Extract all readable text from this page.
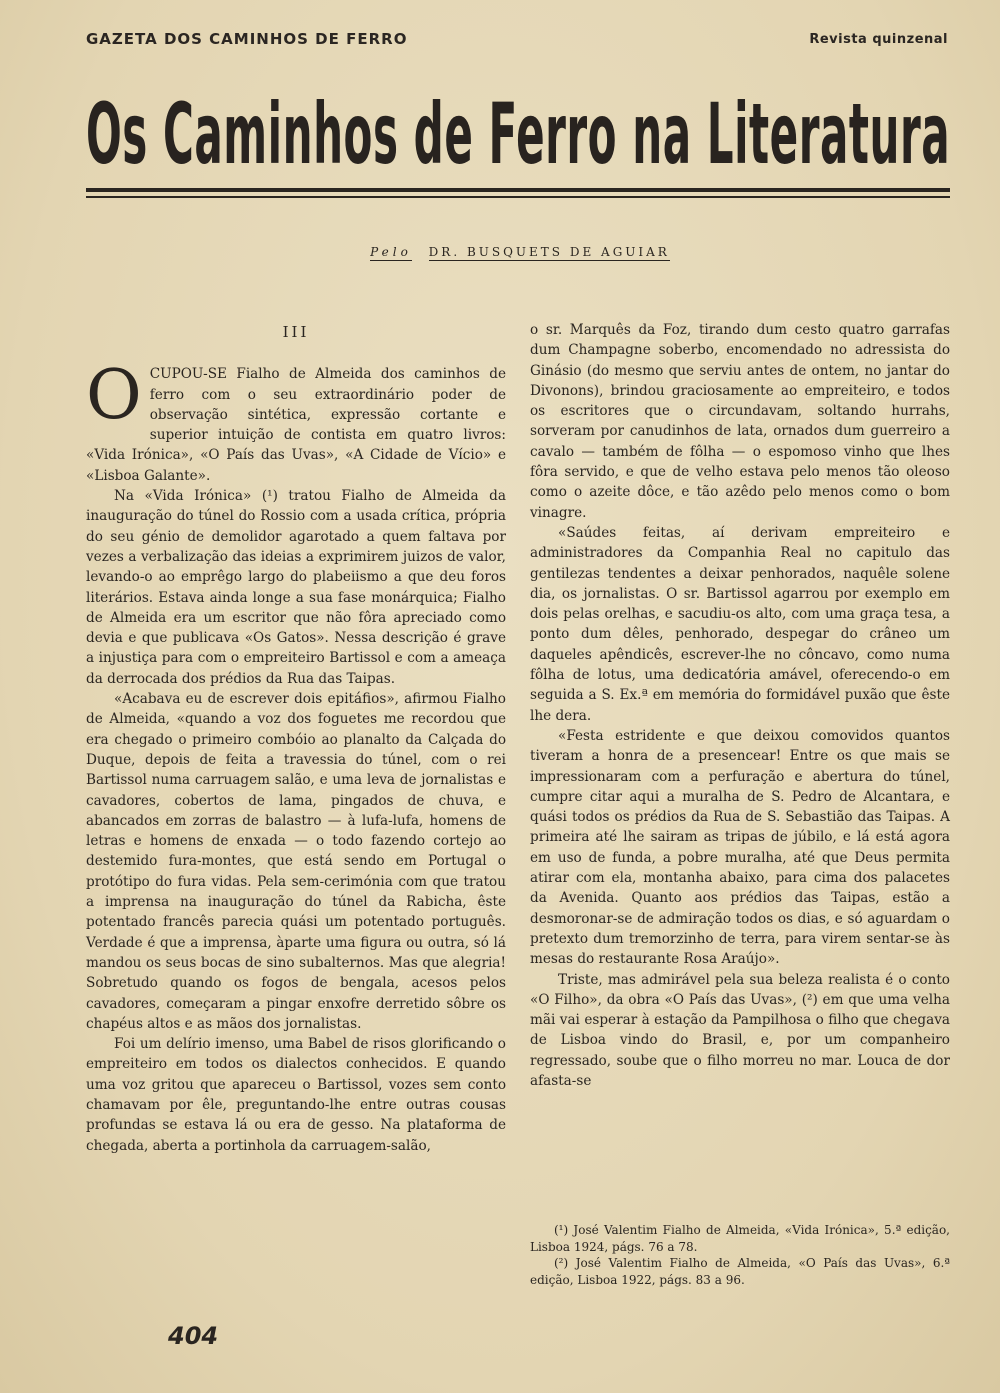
GAZETA DOS CAMINHOS DE FERRO	Revista quinzenal
Os Caminhos de Ferro na Literatura
Pelo DR. BUSQUETS DE AGUIAR
III

OCUPOU-SE Fialho de Almeida dos caminhos de ferro com o seu extraordinário poder de observação sintética, expressão cortante e superior intuição de contista em quatro livros: «Vida Irónica», «O País das Uvas», «A Cidade de Vício» e «Lisboa Galante».

Na «Vida Irónica» (¹) tratou Fialho de Almeida da inauguração do túnel do Rossio com a usada crítica, própria do seu génio de demolidor agarotado a quem faltava por vezes a verbalização das ideias a exprimirem juizos de valor, levando-o ao emprêgo largo do plabeiismo a que deu foros literários. Estava ainda longe a sua fase monárquica; Fialho de Almeida era um escritor que não fôra apreciado como devia e que publicava «Os Gatos». Nessa descrição é grave a injustiça para com o empreiteiro Bartissol e com a ameaça da derrocada dos prédios da Rua das Taipas.

«Acabava eu de escrever dois epitáfios», afirmou Fialho de Almeida, «quando a voz dos foguetes me recordou que era chegado o primeiro combóio ao planalto da Calçada do Duque, depois de feita a travessia do túnel, com o rei Bartissol numa carruagem salão, e uma leva de jornalistas e cavadores, cobertos de lama, pingados de chuva, e abancados em zorras de balastro — à lufa-lufa, homens de letras e homens de enxada — o todo fazendo cortejo ao destemido fura-montes, que está sendo em Portugal o protótipo do fura vidas. Pela sem-cerimónia com que tratou a imprensa na inauguração do túnel da Rabicha, êste potentado francês parecia quási um potentado português. Verdade é que a imprensa, àparte uma figura ou outra, só lá mandou os seus bocas de sino subalternos. Mas que alegria! Sobretudo quando os fogos de bengala, acesos pelos cavadores, começaram a pingar enxofre derretido sôbre os chapéus altos e as mãos dos jornalistas.

Foi um delírio imenso, uma Babel de risos glorificando o empreiteiro em todos os dialectos conhecidos. E quando uma voz gritou que apareceu o Bartissol, vozes sem conto chamavam por êle, preguntando-lhe entre outras cousas profundas se estava lá ou era de gesso. Na plataforma de chegada, aberta a portinhola da carruagem-salão,

o sr. Marquês da Foz, tirando dum cesto quatro garrafas dum Champagne soberbo, encomendado no adressista do Ginásio (do mesmo que serviu antes de ontem, no jantar do Divonons), brindou graciosamente ao empreiteiro, e todos os escritores que o circundavam, soltando hurrahs, sorveram por canudinhos de lata, ornados dum guerreiro a cavalo — também de fôlha — o espomoso vinho que lhes fôra servido, e que de velho estava pelo menos tão oleoso como o azeite dôce, e tão azêdo pelo menos como o bom vinagre.

«Saúdes feitas, aí derivam empreiteiro e administradores da Companhia Real no capitulo das gentilezas tendentes a deixar penhorados, naquêle solene dia, os jornalistas. O sr. Bartissol agarrou por exemplo em dois pelas orelhas, e sacudiu-os alto, com uma graça tesa, a ponto dum dêles, penhorado, despegar do crâneo um daqueles apêndicês, escrever-lhe no côncavo, como numa fôlha de lotus, uma dedicatória amável, oferecendo-o em seguida a S. Ex.ª em memória do formidável puxão que êste lhe dera.

«Festa estridente e que deixou comovidos quantos tiveram a honra de a presencear! Entre os que mais se impressionaram com a perfuração e abertura do túnel, cumpre citar aqui a muralha de S. Pedro de Alcantara, e quási todos os prédios da Rua de S. Sebastião das Taipas. A primeira até lhe sairam as tripas de júbilo, e lá está agora em uso de funda, a pobre muralha, até que Deus permita atirar com ela, montanha abaixo, para cima dos palacetes da Avenida. Quanto aos prédios das Taipas, estão a desmoronar-se de admiração todos os dias, e só aguardam o pretexto dum tremorzinho de terra, para virem sentar-se às mesas do restaurante Rosa Araújo».

Triste, mas admirável pela sua beleza realista é o conto «O Filho», da obra «O País das Uvas», (²) em que uma velha mãi vai esperar à estação da Pampilhosa o filho que chegava de Lisboa vindo do Brasil, e, por um companheiro regressado, soube que o filho morreu no mar. Louca de dor afasta-se

(¹) José Valentim Fialho de Almeida, «Vida Irónica», 5.ª edição, Lisboa 1924, págs. 76 a 78.

(²) José Valentim Fialho de Almeida, «O País das Uvas», 6.ª edição, Lisboa 1922, págs. 83 a 96.

404
